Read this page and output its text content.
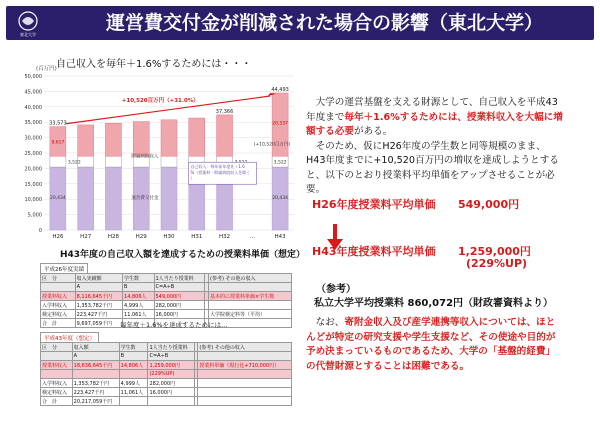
東北大学
運営費交付金が削減された場合の影響（東北大学）
自己収入を毎年＋1.6%するためには・・・
(百万円)
50,000
45,000
40,000
35,000
30,000
25,000
20,000
15,000
10,000
5,000
0
H26
33,573
H27	H28	H29	H30	H31	H32
37,366
H43
44,493
…
9,617
3,522
20,434
20,537
3,522
20,434
+10,520百万円（+31.0%）
(+10,520百万円)
附属病院収入
運営費交付金
自己収入：毎年前年度比＋1.6
%（授業料・附属病院収入を除く
）
H43年度の自己収入額を達成するための授業料単価（想定）
平成26年度実績
区　分	収入実績額	学生数	1人当たり授業料		(参考) その他の収入
	A	B	C=A÷B		
授業料収入	8,116,645千円	14,806人	549,000円		基本的に授業料単価×学生数
入学料収入	1,353,782千円	4,999人	282,000円		
検定料収入	223,427千円	11,061人	16,000円		大学院検定料等（平均）
合　計	9,697,059千円				毎年度＋1.6%を達成するためには…
平成43年度（想定）
区　分	収入額	学生数	1人当たり授業料		(参考) その他の収入
	A	B	C=A÷B		
授業料収入	18,636,645千円	14,806人	1,259,000円		授業料単価（現行比+710,000円）
			(229%UP)		
入学料収入	1,353,782千円	4,999人	282,000円		
検定料収入	223,427千円	11,061人	16,000円		
合　計	20,217,059千円				
　大学の運営基盤を支える財源として、自己収入を平成43年度まで毎年＋1.6%するためには、授業料収入を大幅に増額する必要がある。
　そのため、仮にH26年度の学生数と同等規模のまま、H43年度までに+10,520百万円の増収を達成しようとすると、以下のとおり授業料平均単価をアップさせることが必要。
H26年度授業料平均単価 549,000円
H43年度授業料平均単価 1,259,000円
(229%UP)
（参考）
私立大学平均授業料 860,072円（財政審資料より）
　なお、寄附金収入及び産学連携等収入については、ほとんどが特定の研究支援や学生支援など、その使途や目的が予め決まっているものであるため、大学の「基盤的経費」の代替財源とすることは困難である。
